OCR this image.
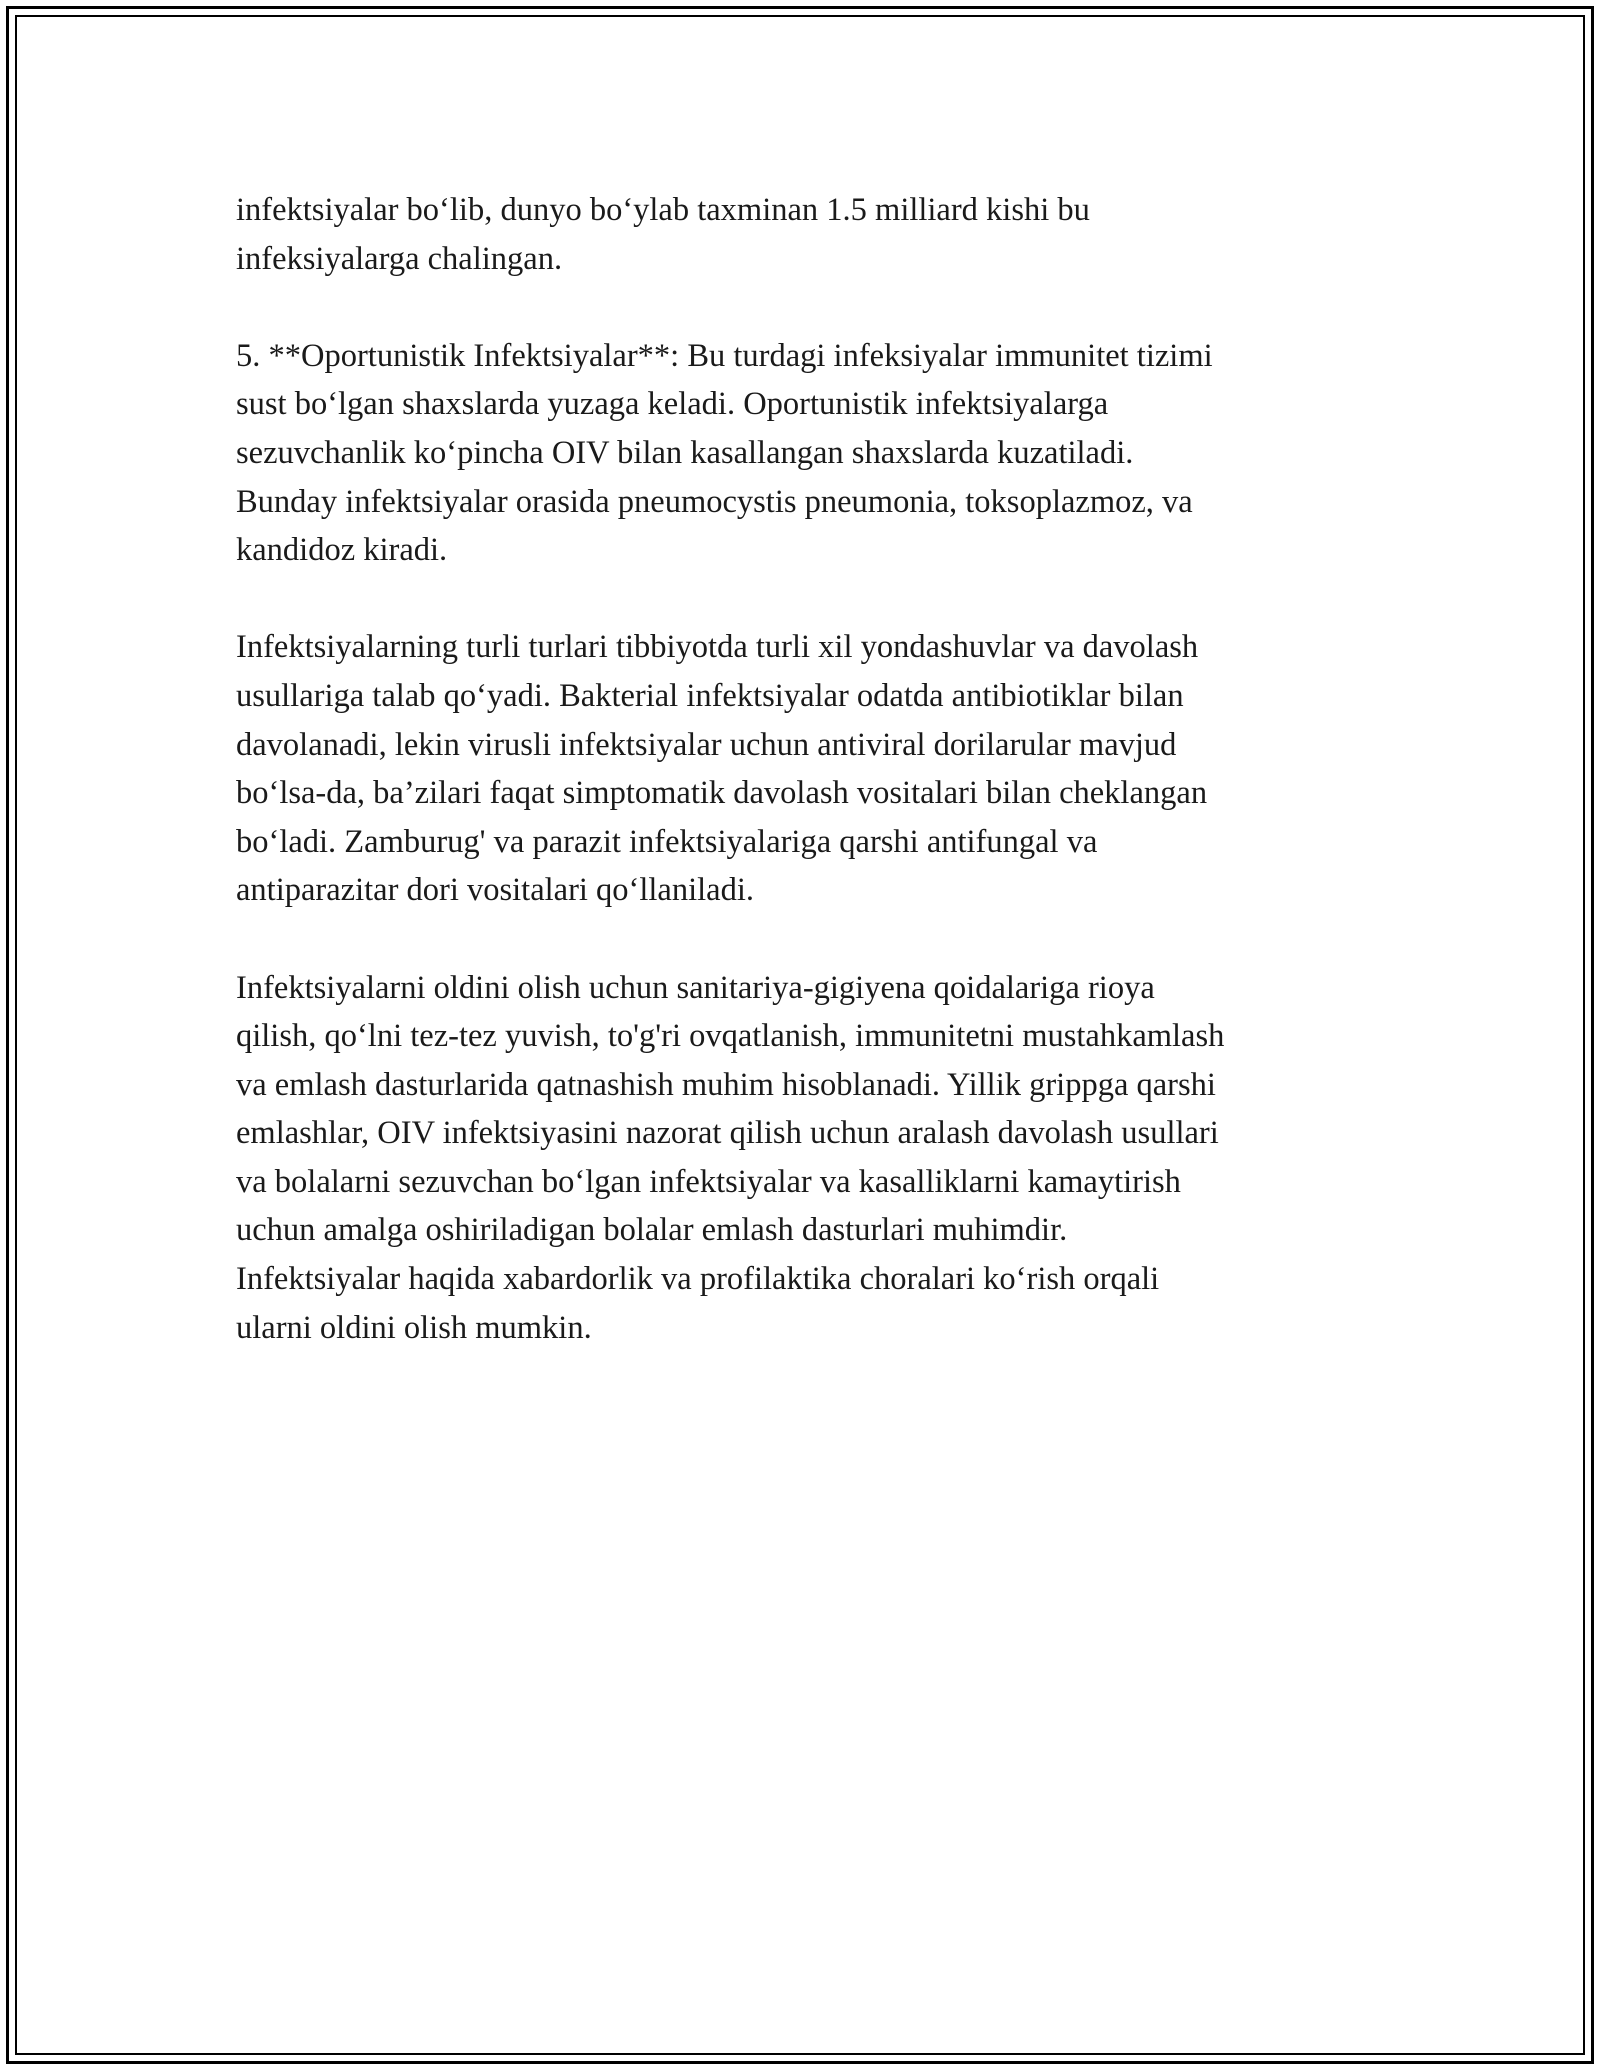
infektsiyalar bo‘lib, dunyo bo‘ylab taxminan 1.5 milliard kishi bu
infeksiyalarga chalingan.

5. **Oportunistik Infektsiyalar**: Bu turdagi infeksiyalar immunitet tizimi
sust bo‘lgan shaxslarda yuzaga keladi. Oportunistik infektsiyalarga
sezuvchanlik ko‘pincha OIV bilan kasallangan shaxslarda kuzatiladi.
Bunday infektsiyalar orasida pneumocystis pneumonia, toksoplazmoz, va
kandidoz kiradi.

Infektsiyalarning turli turlari tibbiyotda turli xil yondashuvlar va davolash
usullariga talab qo‘yadi. Bakterial infektsiyalar odatda antibiotiklar bilan
davolanadi, lekin virusli infektsiyalar uchun antiviral dorilarular mavjud
bo‘lsa-da, ba’zilari faqat simptomatik davolash vositalari bilan cheklangan
bo‘ladi. Zamburug' va parazit infektsiyalariga qarshi antifungal va
antiparazitar dori vositalari qo‘llaniladi.

Infektsiyalarni oldini olish uchun sanitariya-gigiyena qoidalariga rioya
qilish, qo‘lni tez-tez yuvish, to'g'ri ovqatlanish, immunitetni mustahkamlash
va emlash dasturlarida qatnashish muhim hisoblanadi. Yillik grippga qarshi
emlashlar, OIV infektsiyasini nazorat qilish uchun aralash davolash usullari
va bolalarni sezuvchan bo‘lgan infektsiyalar va kasalliklarni kamaytirish
uchun amalga oshiriladigan bolalar emlash dasturlari muhimdir.
Infektsiyalar haqida xabardorlik va profilaktika choralari ko‘rish orqali
ularni oldini olish mumkin.
